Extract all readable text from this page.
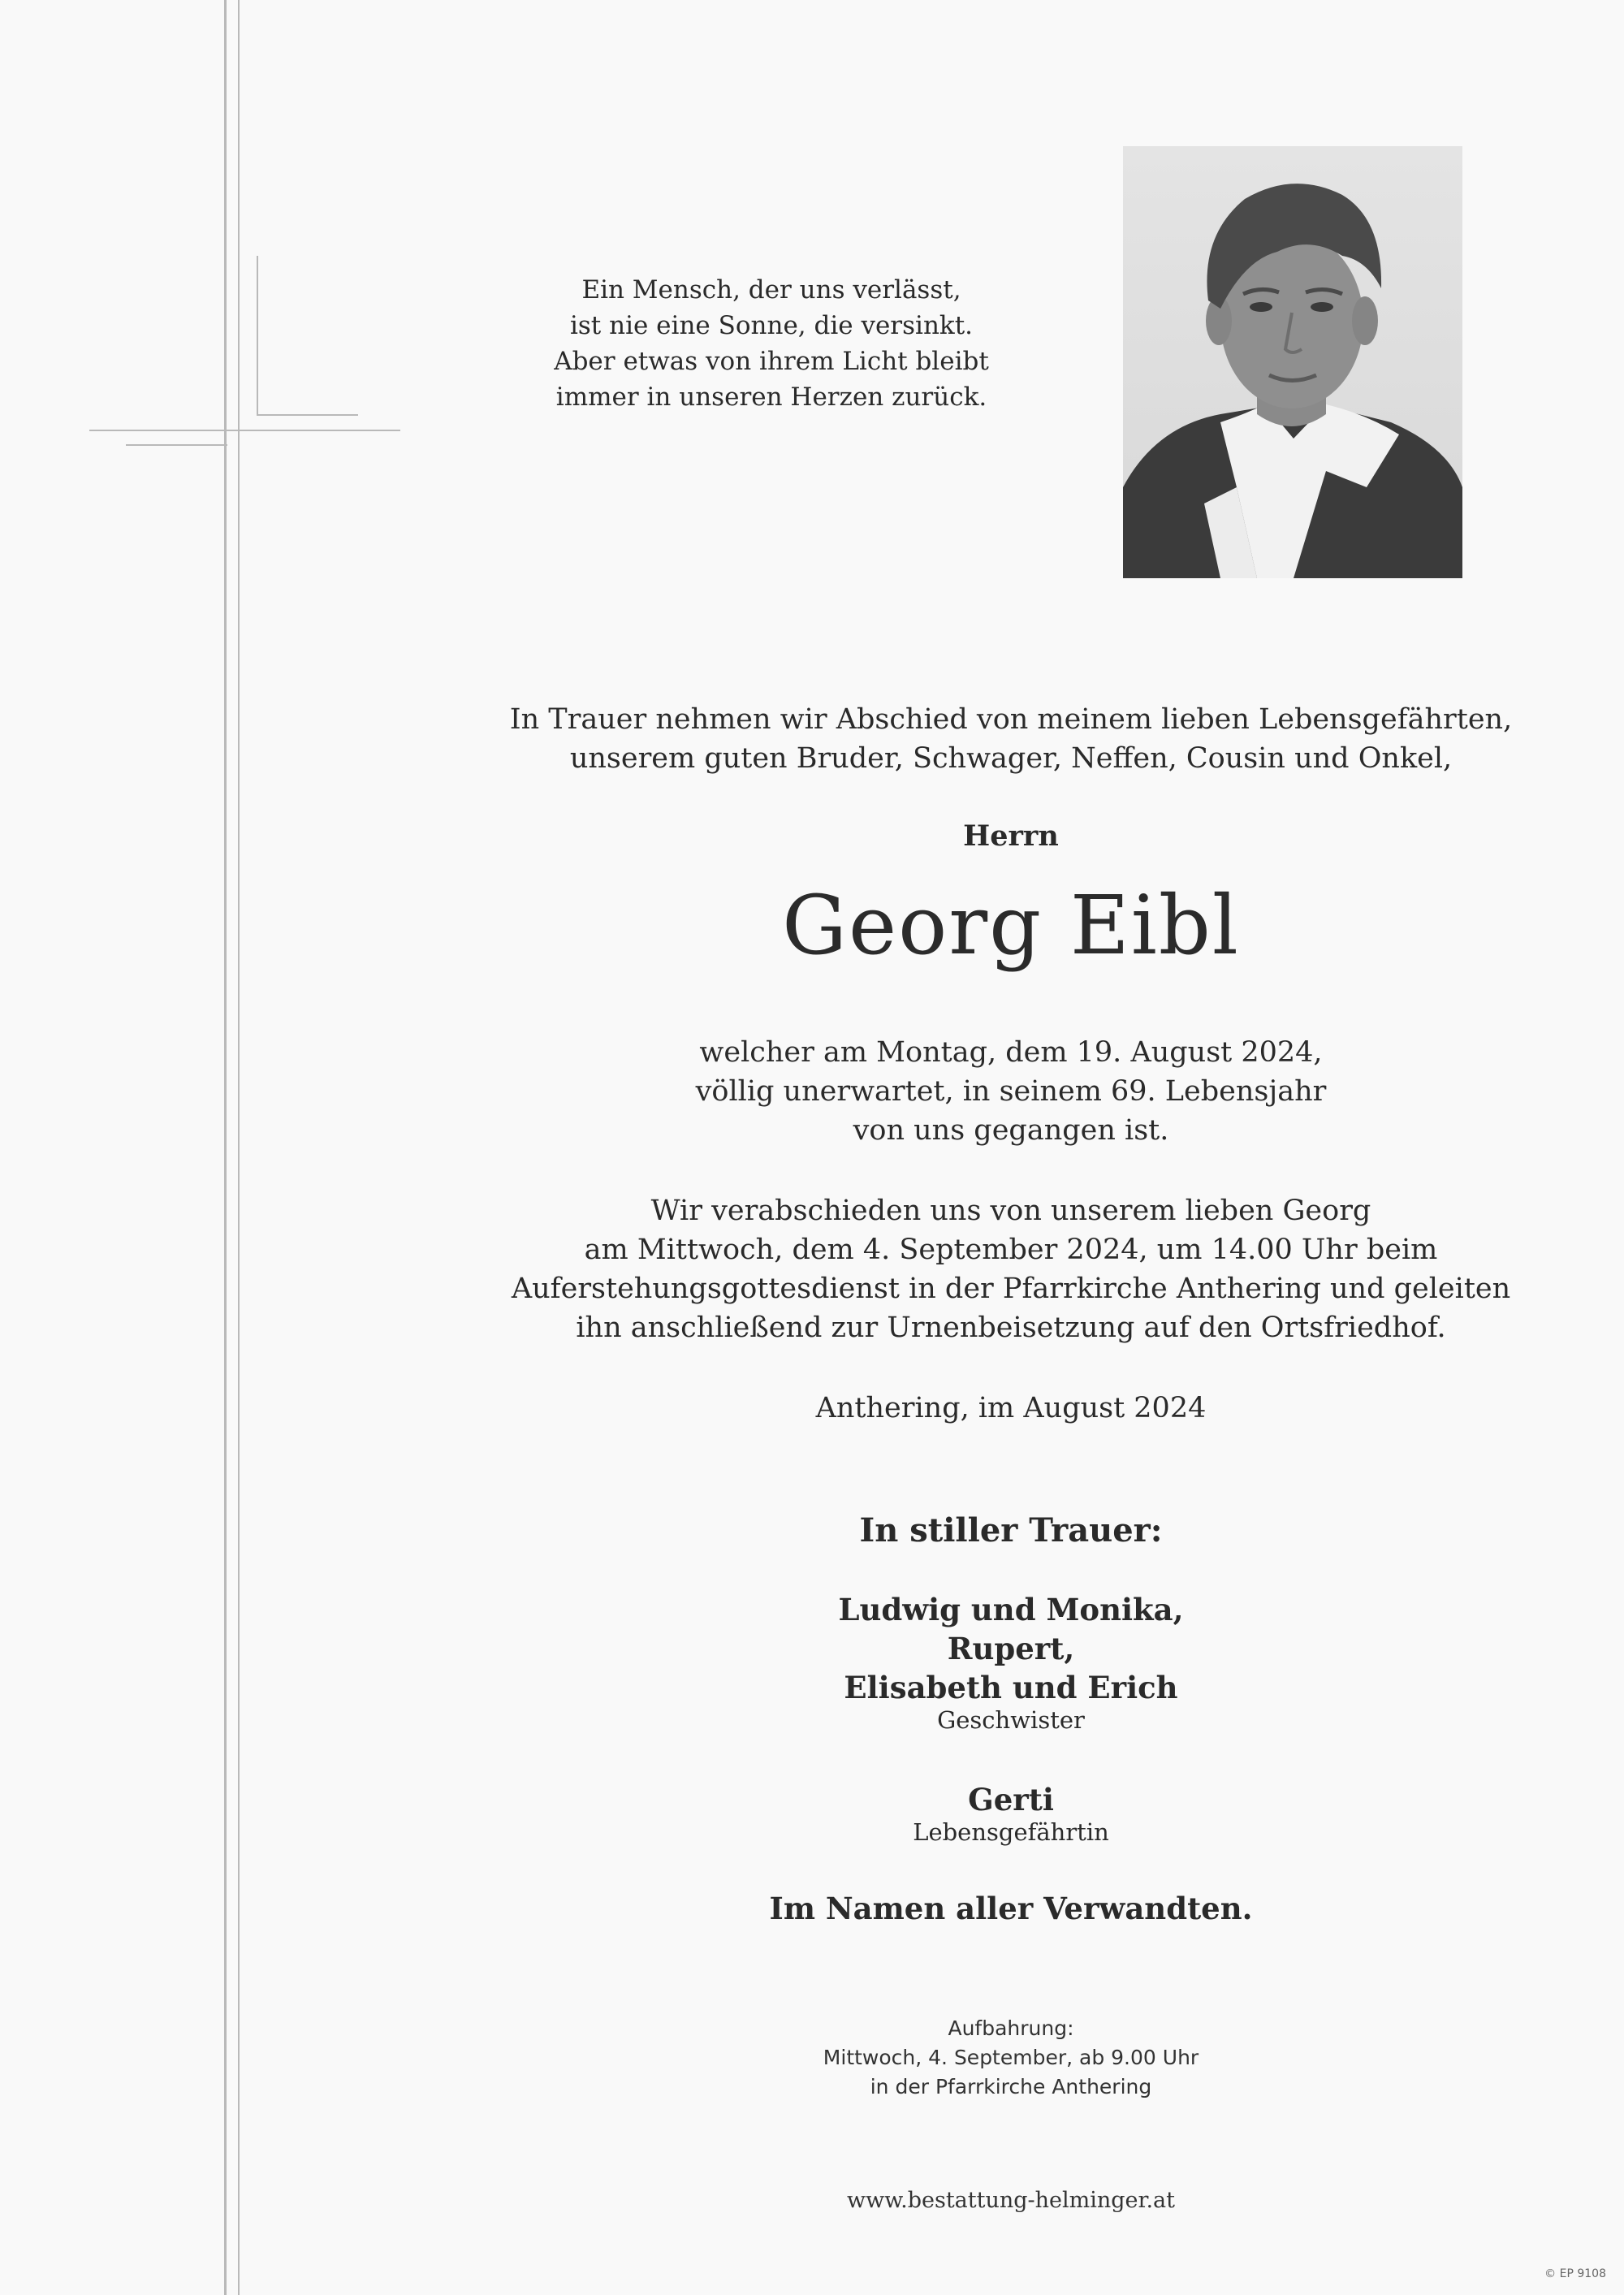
Ein Mensch, der uns verlässt,
ist nie eine Sonne, die versinkt.
Aber etwas von ihrem Licht bleibt
immer in unseren Herzen zurück.
In Trauer nehmen wir Abschied von meinem lieben Lebensgefährten,
unserem guten Bruder, Schwager, Neffen, Cousin und Onkel,
Herrn
Georg Eibl
welcher am Montag, dem 19. August 2024,
völlig unerwartet, in seinem 69. Lebensjahr
von uns gegangen ist.
Wir verabschieden uns von unserem lieben Georg
am Mittwoch, dem 4. September 2024, um 14.00 Uhr beim
Auferstehungsgottesdienst in der Pfarrkirche Anthering und geleiten
ihn anschließend zur Urnenbeisetzung auf den Ortsfriedhof.
Anthering, im August 2024
In stiller Trauer:
Ludwig und Monika,
Rupert,
Elisabeth und Erich
Geschwister
Gerti
Lebensgefährtin
Im Namen aller Verwandten.
Aufbahrung:
Mittwoch, 4. September, ab 9.00 Uhr
in der Pfarrkirche Anthering
www.bestattung-helminger.at
© EP 9108
